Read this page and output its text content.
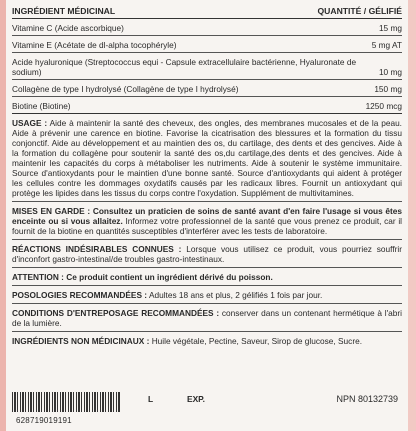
INGRÉDIENT MÉDICINAL	QUANTITÉ / GÉLIFIÉ
Vitamine C (Acide ascorbique)	15 mg
Vitamine E (Acétate de dl-alpha tocophéryle)	5 mg AT
Acide hyaluronique (Streptococcus equi - Capsule extracellulaire bactérienne, Hyaluronate de sodium)	10 mg
Collagène de type I hydrolysé (Collagène de type I hydrolysé)	150 mg
Biotine (Biotine)	1250 mcg
USAGE : Aide à maintenir la santé des cheveux, des ongles, des membranes mucosales et de la peau. Aide à prévenir une carence en biotine. Favorise la cicatrisation des blessures et la formation du tissu conjonctif. Aide au développement et au maintien des os, du cartilage, des dents et des gencives. Aide à la formation du collagène pour soutenir la santé des os,du cartilage,des dents et des gencives. Aide à maintenir les capacités du corps à métaboliser les nutriments. Aide à soutenir le système immunitaire. Source d'antioxydants pour le maintien d'une bonne santé. Source d'antioxydants qui aident à protéger les cellules contre les dommages oxydatifs causés par les radicaux libres. Fournit un antioxydant qui protège les lipides dans les tissus du corps contre l'oxydation. Supplément de multivitamines.
MISES EN GARDE : Consultez un praticien de soins de santé avant d'en faire l'usage si vous êtes enceinte ou si vous allaitez. Informez votre professionnel de la santé que vous prenez ce produit, car il fournit de la biotine en quantités susceptibles d'interférer avec les tests de laboratoire.
RÉACTIONS INDÉSIRABLES CONNUES : Lorsque vous utilisez ce produit, vous pourriez souffrir d'inconfort gastro-intestinal/de troubles gastro-intestinaux.
ATTENTION : Ce produit contient un ingrédient dérivé du poisson.
POSOLOGIES RECOMMANDÉES : Adultes 18 ans et plus, 2 gélifiés 1 fois par jour.
CONDITIONS D'ENTREPOSAGE RECOMMANDÉES : conserver dans un contenant hermétique à l'abri de la lumière.
INGRÉDIENTS NON MÉDICINAUX : Huile végétale, Pectine, Saveur, Sirop de glucose, Sucre.
628719019191
L	EXP.	NPN 80132739
